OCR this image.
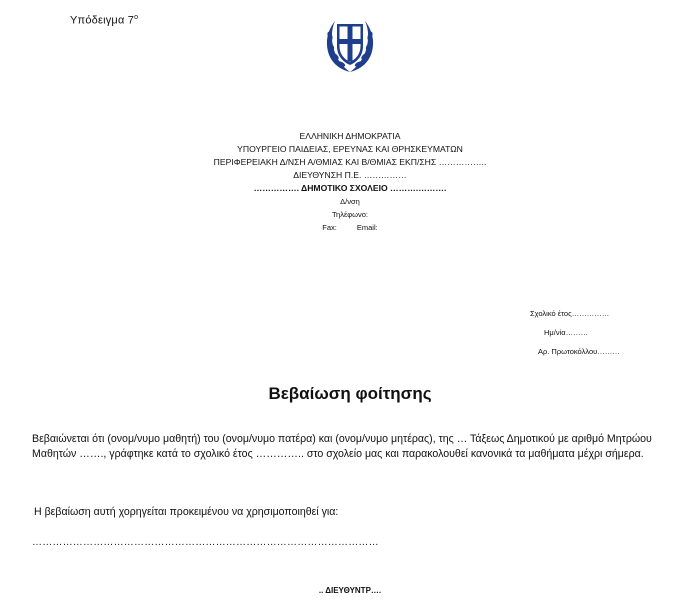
Υπόδειγμα $7^o$
ΕΛΛΗΝΙΚΗ ΔΗΜΟΚΡΑΤΙΑ
ΥΠΟΥΡΓΕΙΟ ΠΑΙΔΕΙΑΣ, ΕΡΕΥΝΑΣ ΚΑΙ ΘΡΗΣΚΕΥΜΑΤΩΝ
ΠΕΡΙΦΕΡΕΙΑΚΗ Δ/ΝΣΗ Α/ΘΜΙΑΣ ΚΑΙ Β/ΘΜΙΑΣ ΕΚΠ/ΣΗΣ ……………..
ΔΙΕΥΘΥΝΣΗ Π.Ε. ……………
……………. ΔΗΜΟΤΙΚΟ ΣΧΟΛΕΙΟ ……….……….
Δ/νση
Τηλέφωνο:
Fax:	Email:
Σχολικό έτος……………
Ημ/νία………
Αρ. Πρωτοκόλλου………
Βεβαίωση φοίτησης
Βεβαιώνεται ότι (ονομ/νυμο μαθητή) του (ονομ/νυμο πατέρα) και (ονομ/νυμο μητέρας), της … Τάξεως Δημοτικού με αριθμό Μητρώου Μαθητών ……., γράφτηκε κατά το σχολικό έτος ………….. στο σχολείο μας και παρακολουθεί κανονικά τα μαθήματα μέχρι σήμερα.
Η βεβαίωση αυτή χορηγείται προκειμένου να χρησιμοποιηθεί για:
…………………………………………………………………………………………
.. ΔΙΕΥΘΥΝΤΡ….
